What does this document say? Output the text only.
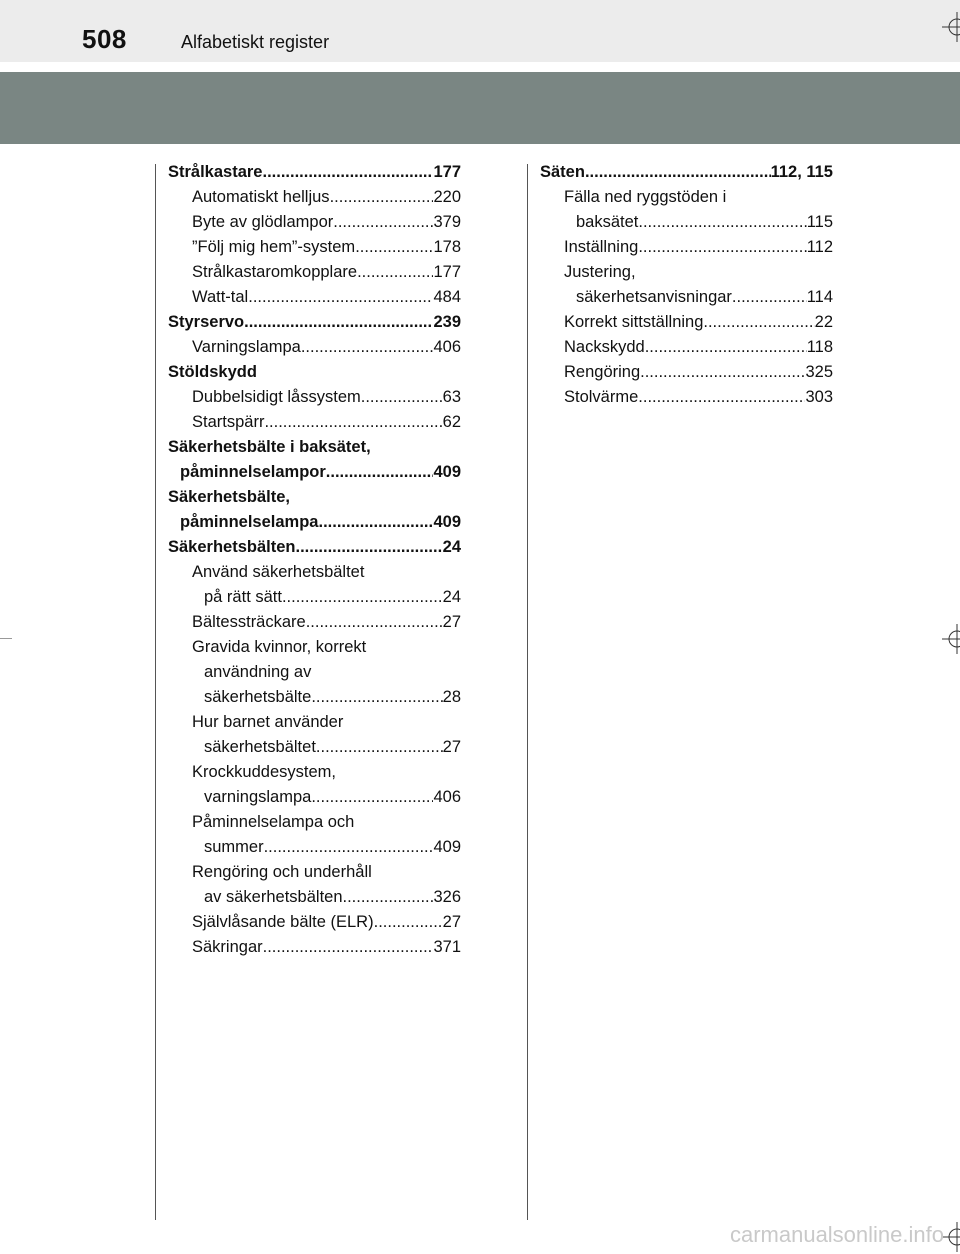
508	Alfabetiskt register
Strålkastare .....	177
Automatiskt helljus .....	220
Byte av glödlampor .....	379
”Följ mig hem”-system .....	178
Strålkastaromkopplare .....	177
Watt-tal .....	484
Styrservo .....	239
Varningslampa .....	406
Stöldskydd
Dubbelsidigt låssystem .....	63
Startspärr .....	62
Säkerhetsbälte i baksätet,
påminnelselampor .....	409
Säkerhetsbälte,
påminnelselampa .....	409
Säkerhetsbälten .....	24
Använd säkerhetsbältet
på rätt sätt .....	24
Bältessträckare .....	27
Gravida kvinnor, korrekt
användning av
säkerhetsbälte .....	28
Hur barnet använder
säkerhetsbältet .....	27
Krockkuddesystem,
varningslampa .....	406
Påminnelselampa och
summer .....	409
Rengöring och underhåll
av säkerhetsbälten .....	326
Självlåsande bälte (ELR) .....	27
Säkringar .....	371
Säten .....	112, 115
Fälla ned ryggstöden i
baksätet .....	115
Inställning .....	112
Justering,
säkerhetsanvisningar .....	114
Korrekt sittställning .....	22
Nackskydd .....	118
Rengöring .....	325
Stolvärme .....	303
carmanualsonline.info
